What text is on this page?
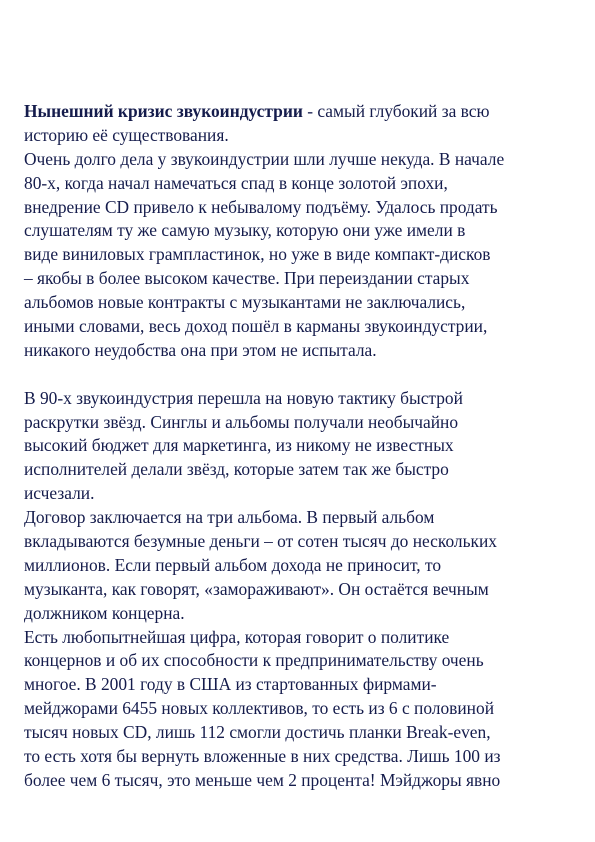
Нынешний кризис звукоиндустрии - самый глубокий за всю
историю её существования.
Очень долго дела у звукоиндустрии шли лучше некуда. В начале
80-х, когда начал намечаться спад в конце золотой эпохи,
внедрение CD привело к небывалому подъёму. Удалось продать
слушателям ту же самую музыку, которую они уже имели в
виде виниловых грампластинок, но уже в виде компакт-дисков
– якобы в более высоком качестве. При переиздании старых
альбомов новые контракты с музыкантами не заключались,
иными словами, весь доход пошёл в карманы звукоиндустрии,
никакого неудобства она при этом не испытала.
В 90-х звукоиндустрия перешла на новую тактику быстрой
раскрутки звёзд. Синглы и альбомы получали необычайно
высокий бюджет для маркетинга, из никому не известных
исполнителей делали звёзд, которые затем так же быстро
исчезали.
Договор заключается на три альбома. В первый альбом
вкладываются безумные деньги – от сотен тысяч до нескольких
миллионов. Если первый альбом дохода не приносит, то
музыканта, как говорят, «замораживают». Он остаётся вечным
должником концерна.
Есть любопытнейшая цифра, которая говорит о политике
концернов и об их способности к предпринимательству очень
многое. В 2001 году в США из стартованных фирмами-
мейджорами 6455 новых коллективов, то есть из 6 с половиной
тысяч новых CD, лишь 112 смогли достичь планки Break-even,
то есть хотя бы вернуть вложенные в них средства. Лишь 100 из
более чем 6 тысяч, это меньше чем 2 процента! Мэйджоры явно
